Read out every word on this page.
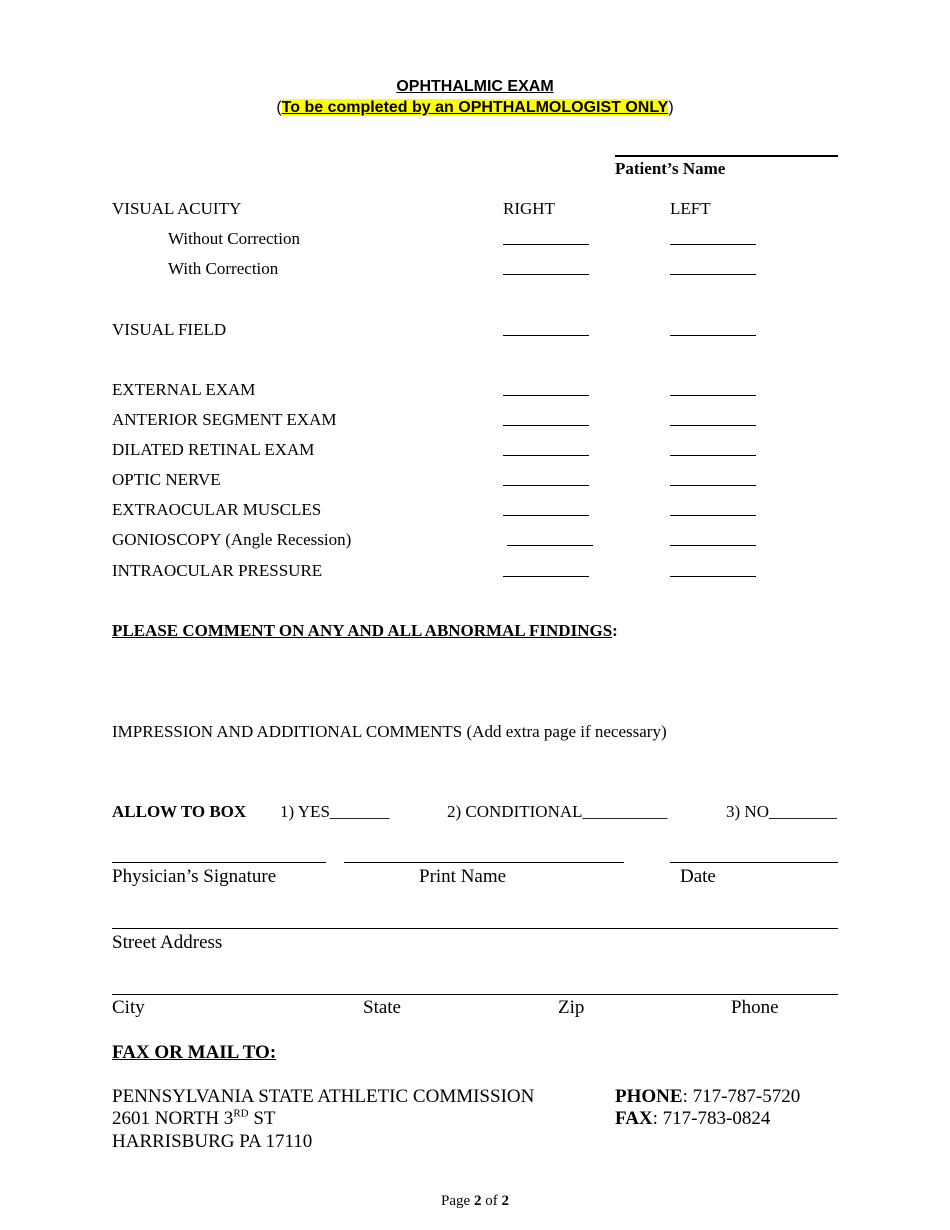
OPHTHALMIC EXAM
(To be completed by an OPHTHALMOLOGIST ONLY)
Patient’s Name
VISUAL ACUITY	RIGHT	LEFT
Without Correction
With Correction
VISUAL FIELD
EXTERNAL EXAM
ANTERIOR SEGMENT EXAM
DILATED RETINAL EXAM
OPTIC NERVE
EXTRAOCULAR MUSCLES
GONIOSCOPY (Angle Recession)
INTRAOCULAR PRESSURE
PLEASE COMMENT ON ANY AND ALL ABNORMAL FINDINGS:
IMPRESSION AND ADDITIONAL COMMENTS (Add extra page if necessary)
ALLOW TO BOX 1) YES_______	2) CONDITIONAL__________	3) NO________
Physician’s Signature	Print Name	Date
Street Address
City	State	Zip	Phone
FAX OR MAIL TO:
PENNSYLVANIA STATE ATHLETIC COMMISSION
2601 NORTH 3RD ST
HARRISBURG PA 17110
PHONE: 717-787-5720
FAX: 717-783-0824
Page 2 of 2
